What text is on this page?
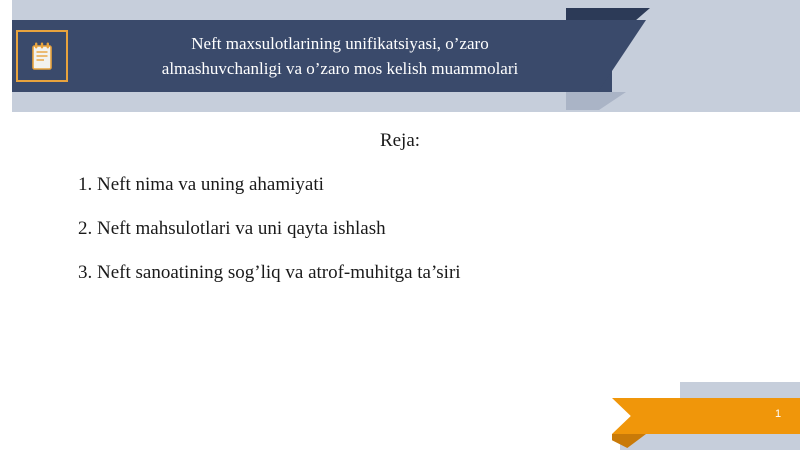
Neft maxsulotlarining unifikatsiyasi, o’zaro
almashuvchanligi va o’zaro mos kelish muammolari
Reja:
1. Neft nima va uning ahamiyati
2. Neft mahsulotlari va uni qayta ishlash
3. Neft sanoatining sog’liq va atrof-muhitga ta’siri
1
